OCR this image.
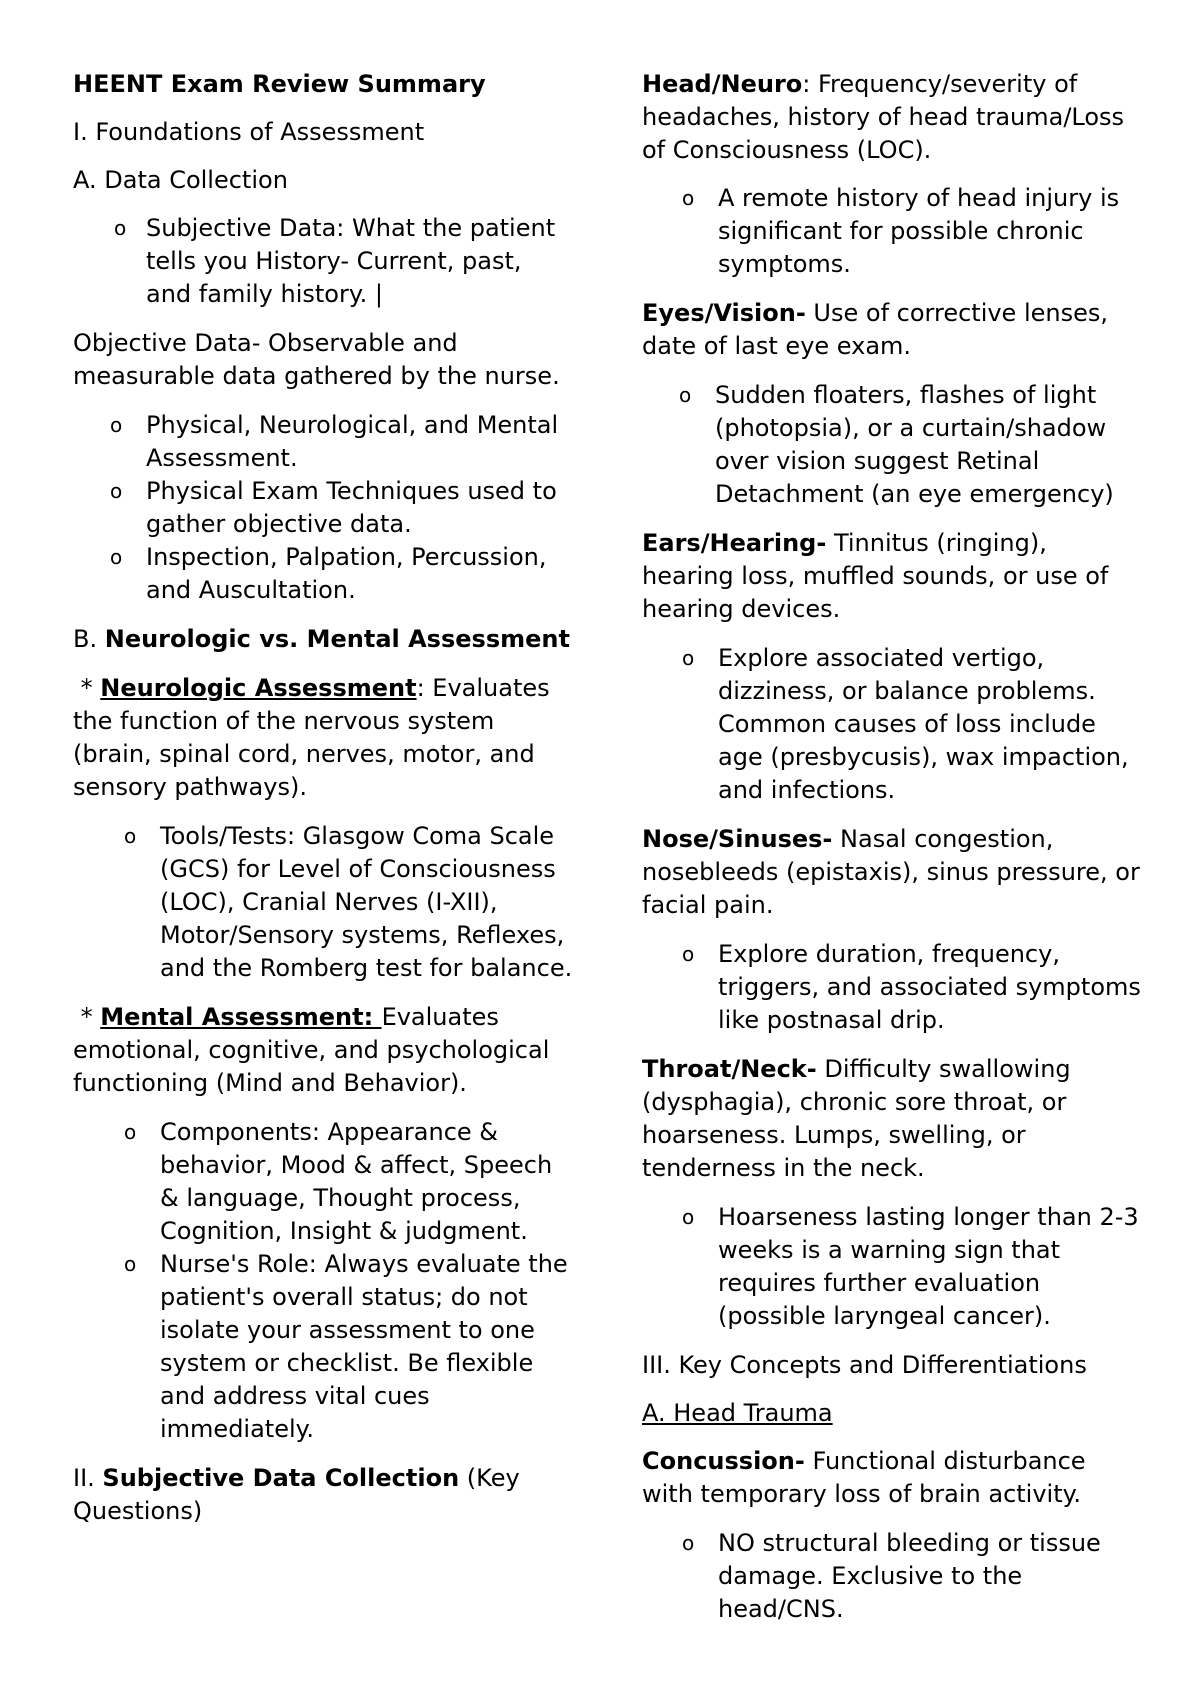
HEENT Exam Review Summary

I. Foundations of Assessment

A. Data Collection

o Subjective Data: What the patient tells you History- Current, past, and family history. |

Objective Data- Observable and measurable data gathered by the nurse.

o Physical, Neurological, and Mental Assessment.
o Physical Exam Techniques used to gather objective data.
o Inspection, Palpation, Percussion, and Auscultation.

B. Neurologic vs. Mental Assessment

* Neurologic Assessment: Evaluates the function of the nervous system (brain, spinal cord, nerves, motor, and sensory pathways).

o Tools/Tests: Glasgow Coma Scale (GCS) for Level of Consciousness (LOC), Cranial Nerves (I-XII), Motor/Sensory systems, Reflexes, and the Romberg test for balance.

* Mental Assessment: Evaluates emotional, cognitive, and psychological functioning (Mind and Behavior).

o Components: Appearance & behavior, Mood & affect, Speech & language, Thought process, Cognition, Insight & judgment.
o Nurse's Role: Always evaluate the patient's overall status; do not isolate your assessment to one system or checklist. Be flexible and address vital cues immediately.

II. Subjective Data Collection (Key Questions)

Head/Neuro: Frequency/severity of headaches, history of head trauma/Loss of Consciousness (LOC).

o A remote history of head injury is significant for possible chronic symptoms.

Eyes/Vision- Use of corrective lenses, date of last eye exam.

o Sudden floaters, flashes of light (photopsia), or a curtain/shadow over vision suggest Retinal Detachment (an eye emergency)

Ears/Hearing- Tinnitus (ringing), hearing loss, muffled sounds, or use of hearing devices.

o Explore associated vertigo, dizziness, or balance problems. Common causes of loss include age (presbycusis), wax impaction, and infections.

Nose/Sinuses- Nasal congestion, nosebleeds (epistaxis), sinus pressure, or facial pain.

o Explore duration, frequency, triggers, and associated symptoms like postnasal drip.

Throat/Neck- Difficulty swallowing (dysphagia), chronic sore throat, or hoarseness. Lumps, swelling, or tenderness in the neck.

o Hoarseness lasting longer than 2-3 weeks is a warning sign that requires further evaluation (possible laryngeal cancer).

III. Key Concepts and Differentiations

A. Head Trauma

Concussion- Functional disturbance with temporary loss of brain activity.

o NO structural bleeding or tissue damage. Exclusive to the head/CNS.
